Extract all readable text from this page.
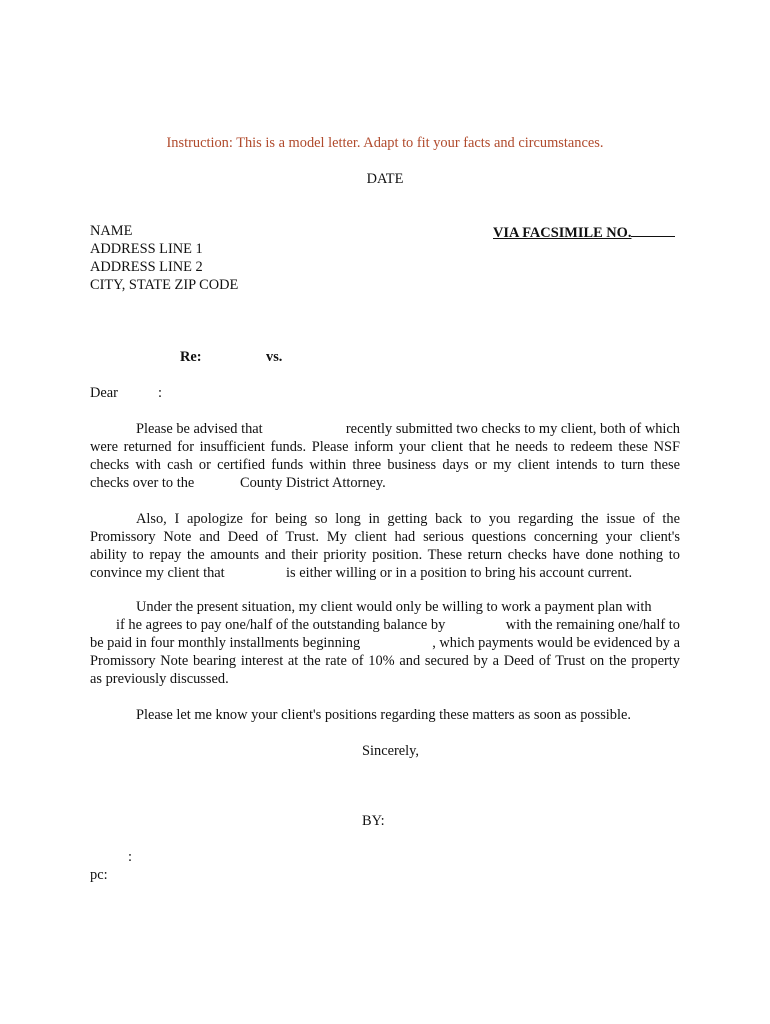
Instruction: This is a model letter. Adapt to fit your facts and circumstances.
DATE
NAME
ADDRESS LINE 1
ADDRESS LINE 2
CITY, STATE ZIP CODE
VIA FACSIMILE NO.
Re:	vs.
Dear	:
Please be advised that	recently submitted two checks to my client, both of which
were returned for insufficient funds. Please inform your client that he needs to redeem these NSF
checks with cash or certified funds within three business days or my client intends to turn these
checks over to the	County District Attorney.
Also, I apologize for being so long in getting back to you regarding the issue of the
Promissory Note and Deed of Trust. My client had serious questions concerning your client's
ability to repay the amounts and their priority position. These return checks have done nothing to
convince my client that	is either willing or in a position to bring his account current.
Under the present situation, my client would only be willing to work a payment plan with
if he agrees to pay one/half of the outstanding balance by	with the remaining one/half to
be paid in four monthly installments beginning	, which payments would be evidenced by a
Promissory Note bearing interest at the rate of 10% and secured by a Deed of Trust on the property
as previously discussed.
Please let me know your client's positions regarding these matters as soon as possible.
Sincerely,
BY:
:
pc:
